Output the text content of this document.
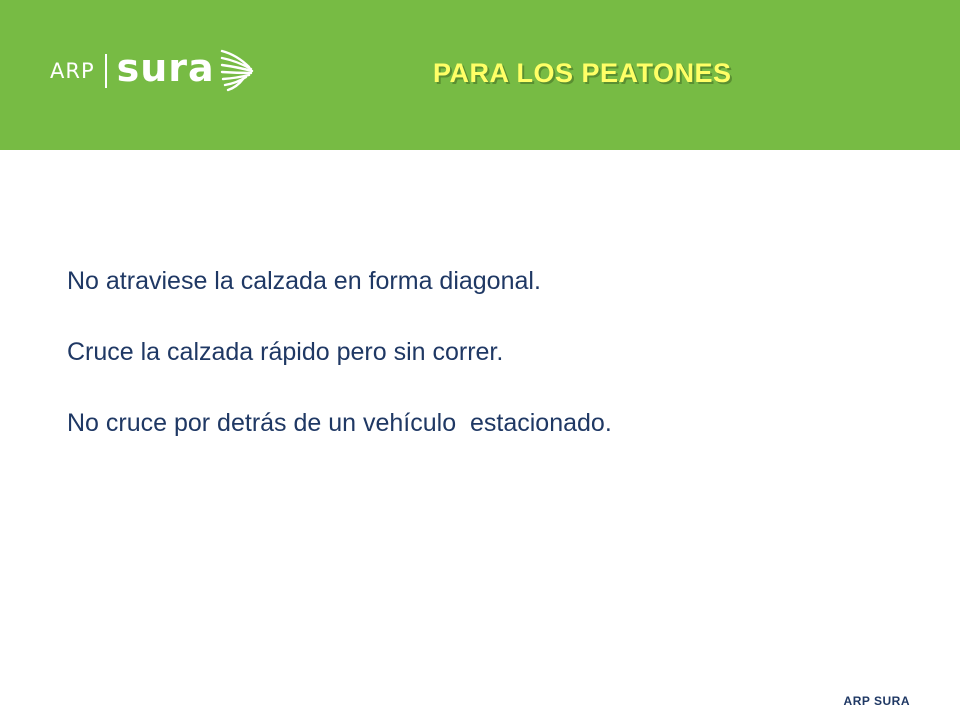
ARP sura	PARA LOS PEATONES
No atraviese la calzada en forma diagonal.
Cruce la calzada rápido pero sin correr.
No cruce por detrás de un vehículo  estacionado.
ARP SURA
